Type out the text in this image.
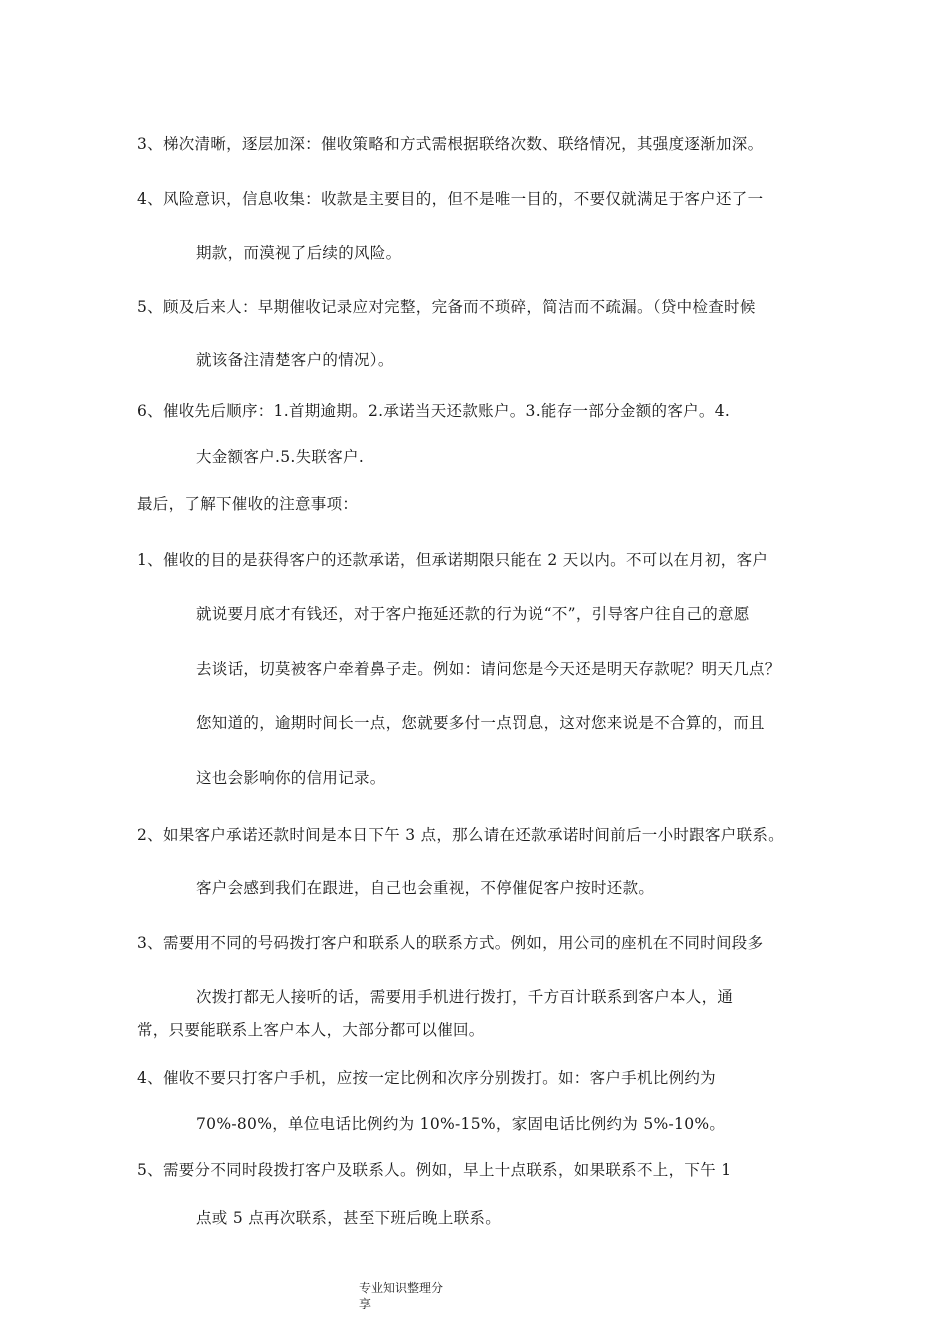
3、梯次清晰，逐层加深：催收策略和方式需根据联络次数、联络情况，其强度逐渐加深。
4、风险意识，信息收集：收款是主要目的，但不是唯一目的，不要仅就满足于客户还了一
期款，而漠视了后续的风险。
5、顾及后来人：早期催收记录应对完整，完备而不琐碎，简洁而不疏漏。（贷中检查时候
就该备注清楚客户的情况）。
6、催收先后顺序：1.首期逾期。2.承诺当天还款账户。3.能存一部分金额的客户。4.
大金额客户.5.失联客户.
最后，了解下催收的注意事项：
1、催收的目的是获得客户的还款承诺，但承诺期限只能在 2 天以内。不可以在月初，客户
就说要月底才有钱还，对于客户拖延还款的行为说“不”，引导客户往自己的意愿
去谈话，切莫被客户牵着鼻子走。例如：请问您是今天还是明天存款呢？明天几点？
您知道的，逾期时间长一点，您就要多付一点罚息，这对您来说是不合算的，而且
这也会影响你的信用记录。
2、如果客户承诺还款时间是本日下午 3 点，那么请在还款承诺时间前后一小时跟客户联系。
客户会感到我们在跟进，自己也会重视，不停催促客户按时还款。
3、需要用不同的号码拨打客户和联系人的联系方式。例如，用公司的座机在不同时间段多
次拨打都无人接听的话，需要用手机进行拨打，千方百计联系到客户本人，通
常，只要能联系上客户本人，大部分都可以催回。
4、催收不要只打客户手机，应按一定比例和次序分别拨打。如：客户手机比例约为
70%-80%，单位电话比例约为 10%-15%，家固电话比例约为 5%-10%。
5、需要分不同时段拨打客户及联系人。例如，早上十点联系，如果联系不上，下午 1
点或 5 点再次联系，甚至下班后晚上联系。
专业知识整理分
享
